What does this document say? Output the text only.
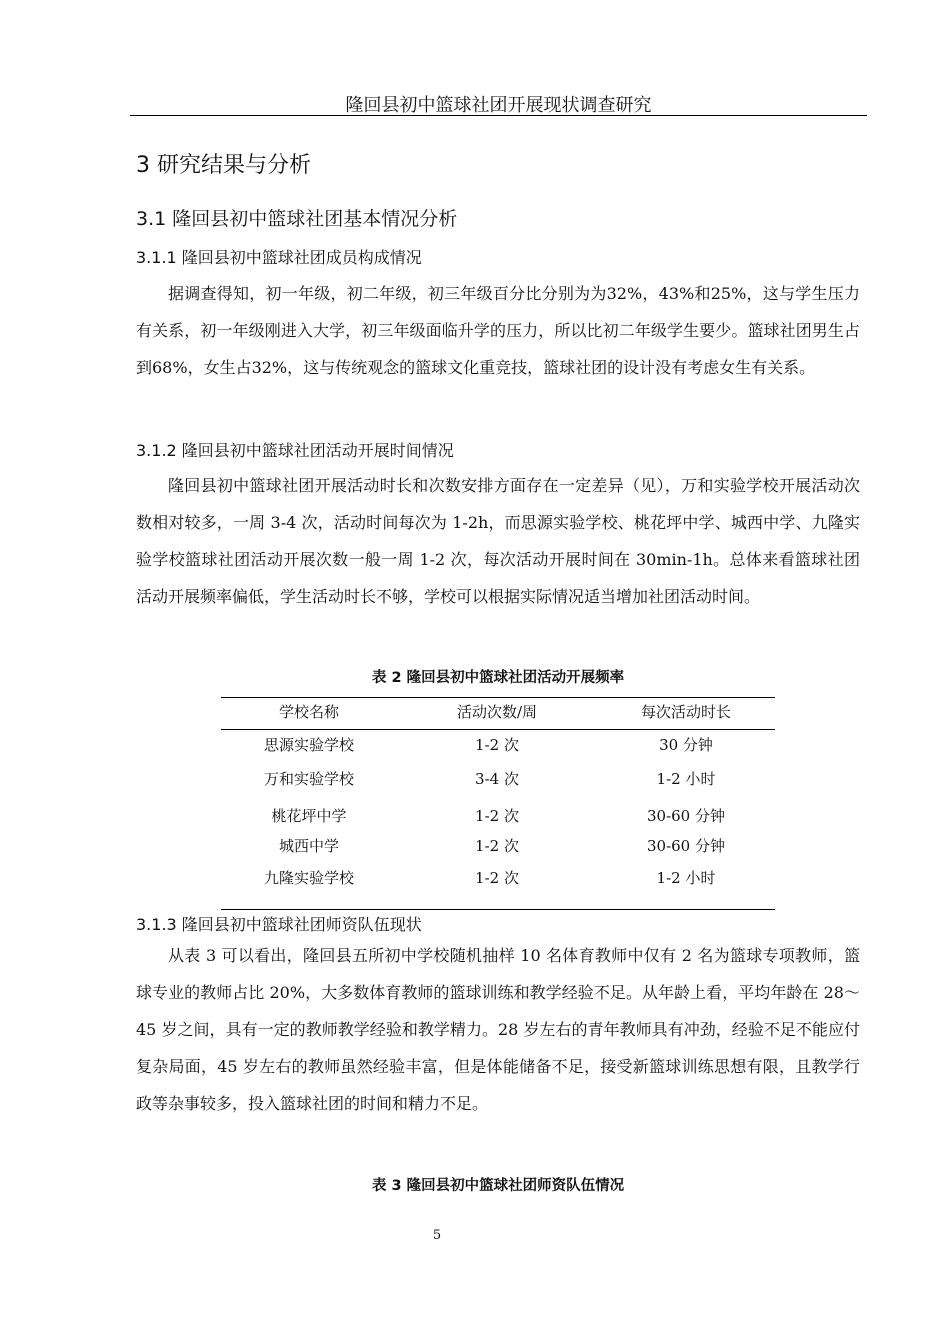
隆回县初中篮球社团开展现状调查研究
3 研究结果与分析
3.1 隆回县初中篮球社团基本情况分析
3.1.1 隆回县初中篮球社团成员构成情况

据调查得知，初一年级，初二年级，初三年级百分比分别为为32%，43%和25%，这与学生压力有关系，初一年级刚进入大学，初三年级面临升学的压力，所以比初二年级学生要少。篮球社团男生占到68%，女生占32%，这与传统观念的篮球文化重竞技，篮球社团的设计没有考虑女生有关系。

3.1.2 隆回县初中篮球社团活动开展时间情况

隆回县初中篮球社团开展活动时长和次数安排方面存在一定差异（见），万和实验学校开展活动次数相对较多，一周 3-4 次，活动时间每次为 1-2h，而思源实验学校、桃花坪中学、城西中学、九隆实验学校篮球社团活动开展次数一般一周 1-2 次，每次活动开展时间在 30min-1h。总体来看篮球社团活动开展频率偏低，学生活动时长不够，学校可以根据实际情况适当增加社团活动时间。

表 2 隆回县初中篮球社团活动开展频率
学校名称	活动次数/周	每次活动时长
思源实验学校	1-2 次	30 分钟
万和实验学校	3-4 次	1-2 小时
桃花坪中学	1-2 次	30-60 分钟
城西中学	1-2 次	30-60 分钟
九隆实验学校	1-2 次	1-2 小时
3.1.3 隆回县初中篮球社团师资队伍现状

从表 3 可以看出，隆回县五所初中学校随机抽样 10 名体育教师中仅有 2 名为篮球专项教师，篮球专业的教师占比 20%，大多数体育教师的篮球训练和教学经验不足。从年龄上看，平均年龄在 28～45 岁之间，具有一定的教师教学经验和教学精力。28 岁左右的青年教师具有冲劲，经验不足不能应付复杂局面，45 岁左右的教师虽然经验丰富，但是体能储备不足，接受新篮球训练思想有限，且教学行政等杂事较多，投入篮球社团的时间和精力不足。

表 3 隆回县初中篮球社团师资队伍情况
5
